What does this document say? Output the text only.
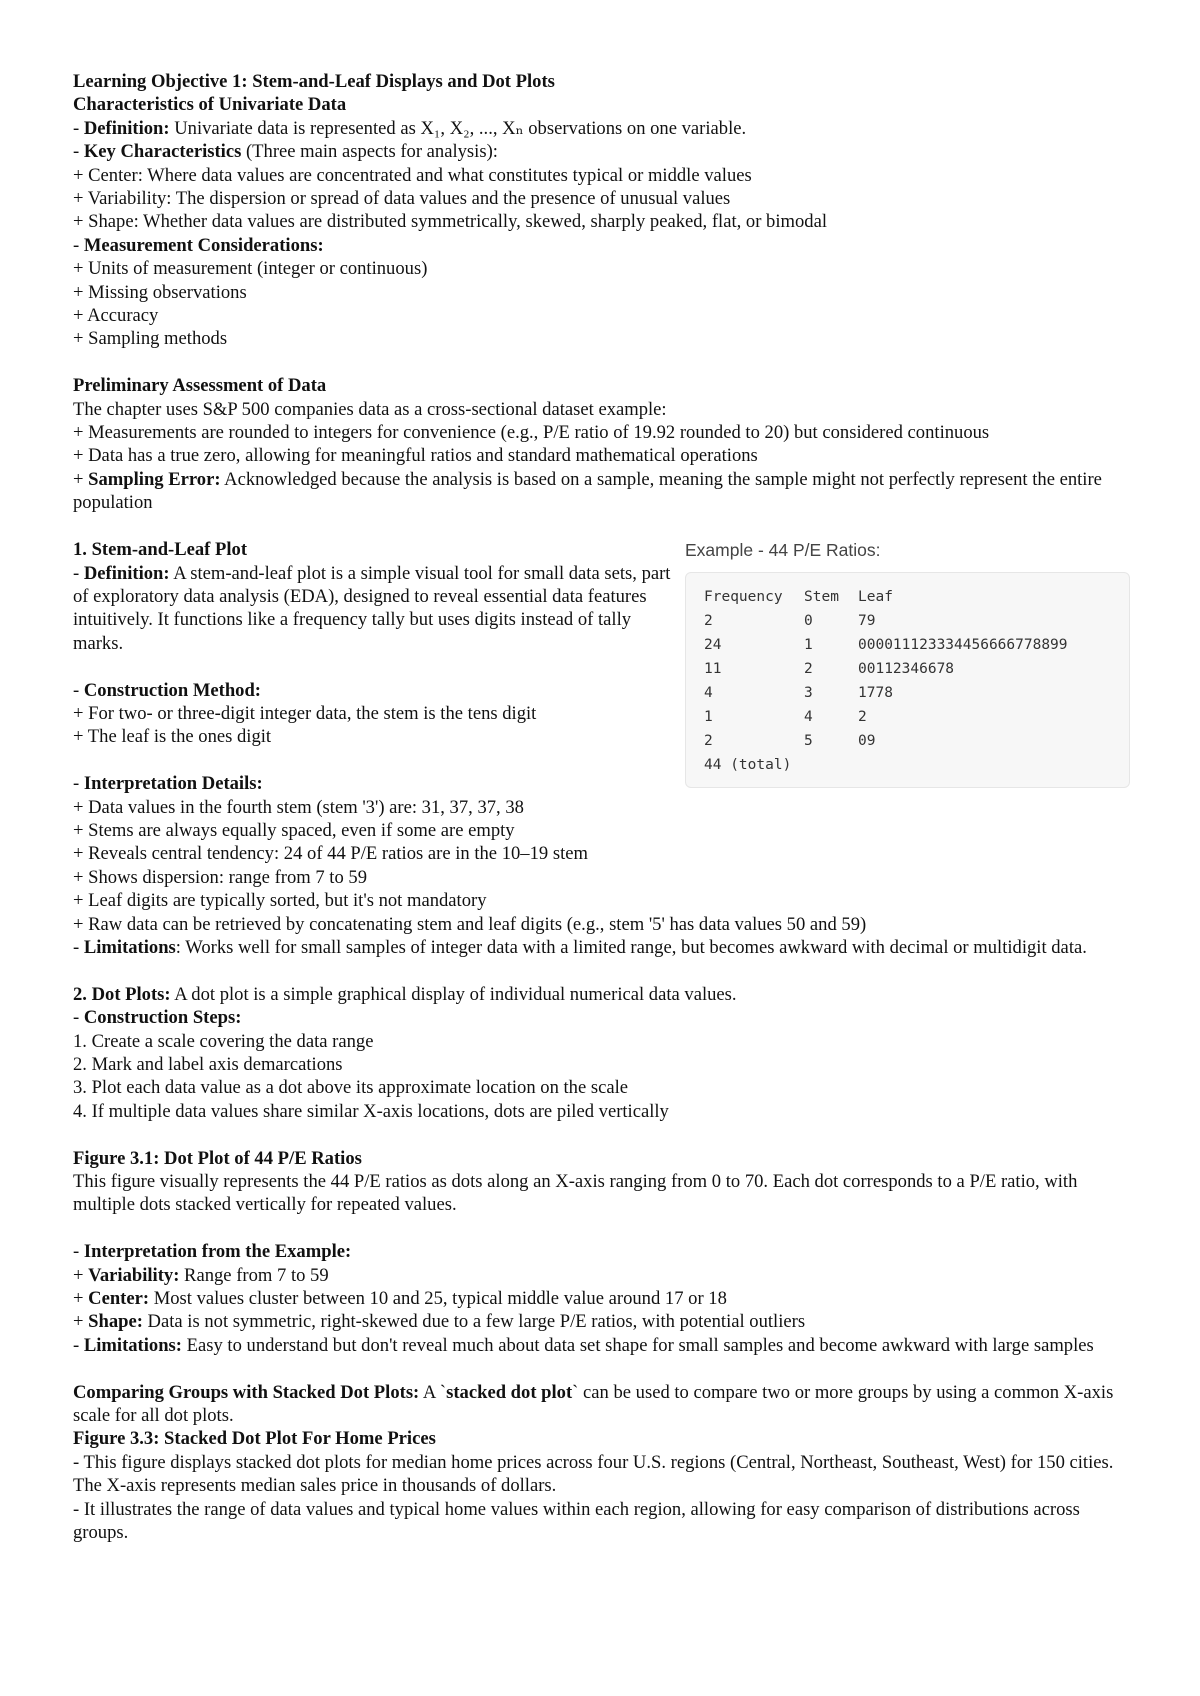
Learning Objective 1: Stem-and-Leaf Displays and Dot Plots
Characteristics of Univariate Data
- Definition: Univariate data is represented as X₁, X₂, ..., Xₙ observations on one variable.
- Key Characteristics (Three main aspects for analysis):
+ Center: Where data values are concentrated and what constitutes typical or middle values
+ Variability: The dispersion or spread of data values and the presence of unusual values
+ Shape: Whether data values are distributed symmetrically, skewed, sharply peaked, flat, or bimodal
- Measurement Considerations:
+ Units of measurement (integer or continuous)
+ Missing observations
+ Accuracy
+ Sampling methods
Preliminary Assessment of Data
The chapter uses S&P 500 companies data as a cross-sectional dataset example:
+ Measurements are rounded to integers for convenience (e.g., P/E ratio of 19.92 rounded to 20) but considered continuous
+ Data has a true zero, allowing for meaningful ratios and standard mathematical operations
+ Sampling Error: Acknowledged because the analysis is based on a sample, meaning the sample might not perfectly represent the entire population
1. Stem-and-Leaf Plot
- Definition: A stem-and-leaf plot is a simple visual tool for small data sets, part of exploratory data analysis (EDA), designed to reveal essential data features intuitively. It functions like a frequency tally but uses digits instead of tally marks.
- Construction Method:
+ For two- or three-digit integer data, the stem is the tens digit
+ The leaf is the ones digit
- Interpretation Details:
Example - 44 P/E Ratios:
Frequency Stem Leaf
2	0	79
24	1	000011123334456666778899
11	2	00112346678
4	3	1778
1	4	2
2	5	09
44 (total)
+ Data values in the fourth stem (stem '3') are: 31, 37, 37, 38
+ Stems are always equally spaced, even if some are empty
+ Reveals central tendency: 24 of 44 P/E ratios are in the 10–19 stem
+ Shows dispersion: range from 7 to 59
+ Leaf digits are typically sorted, but it's not mandatory
+ Raw data can be retrieved by concatenating stem and leaf digits (e.g., stem '5' has data values 50 and 59)
- Limitations: Works well for small samples of integer data with a limited range, but becomes awkward with decimal or multidigit data.
2. Dot Plots: A dot plot is a simple graphical display of individual numerical data values.
- Construction Steps:
1. Create a scale covering the data range
2. Mark and label axis demarcations
3. Plot each data value as a dot above its approximate location on the scale
4. If multiple data values share similar X-axis locations, dots are piled vertically
Figure 3.1: Dot Plot of 44 P/E Ratios
This figure visually represents the 44 P/E ratios as dots along an X-axis ranging from 0 to 70. Each dot corresponds to a P/E ratio, with multiple dots stacked vertically for repeated values.
- Interpretation from the Example:
+ Variability: Range from 7 to 59
+ Center: Most values cluster between 10 and 25, typical middle value around 17 or 18
+ Shape: Data is not symmetric, right-skewed due to a few large P/E ratios, with potential outliers
- Limitations: Easy to understand but don't reveal much about data set shape for small samples and become awkward with large samples
Comparing Groups with Stacked Dot Plots: A `stacked dot plot` can be used to compare two or more groups by using a common X-axis scale for all dot plots.
Figure 3.3: Stacked Dot Plot For Home Prices
- This figure displays stacked dot plots for median home prices across four U.S. regions (Central, Northeast, Southeast, West) for 150 cities. The X-axis represents median sales price in thousands of dollars.
- It illustrates the range of data values and typical home values within each region, allowing for easy comparison of distributions across groups.
